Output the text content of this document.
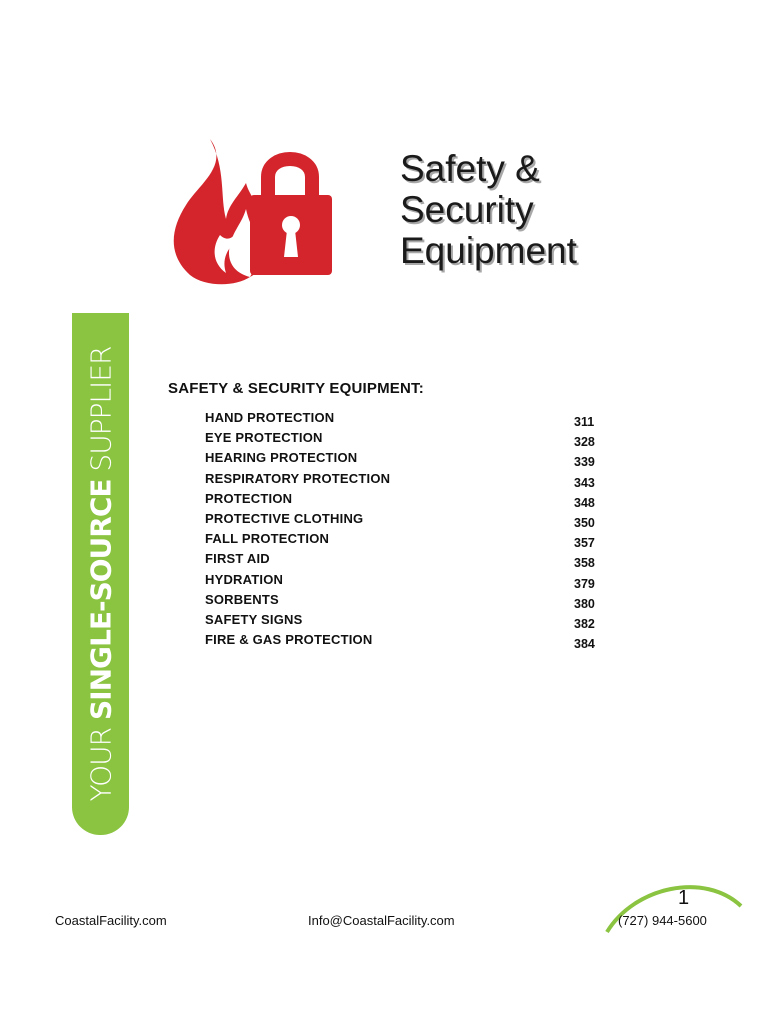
Safety &
Security
Equipment
YOUR SINGLE-SOURCE SUPPLIER	SAFETY & SECURITY EQUIPMENT:
HAND PROTECTION	311
EYE PROTECTION	328
HEARING PROTECTION	339
RESPIRATORY PROTECTION	343
PROTECTION	348
PROTECTIVE CLOTHING	350
FALL PROTECTION	357
FIRST AID	358
HYDRATION	379
SORBENTS	380
SAFETY SIGNS	382
FIRE & GAS PROTECTION	384
CoastalFacility.com	Info@CoastalFacility.com
1
(727) 944-5600
